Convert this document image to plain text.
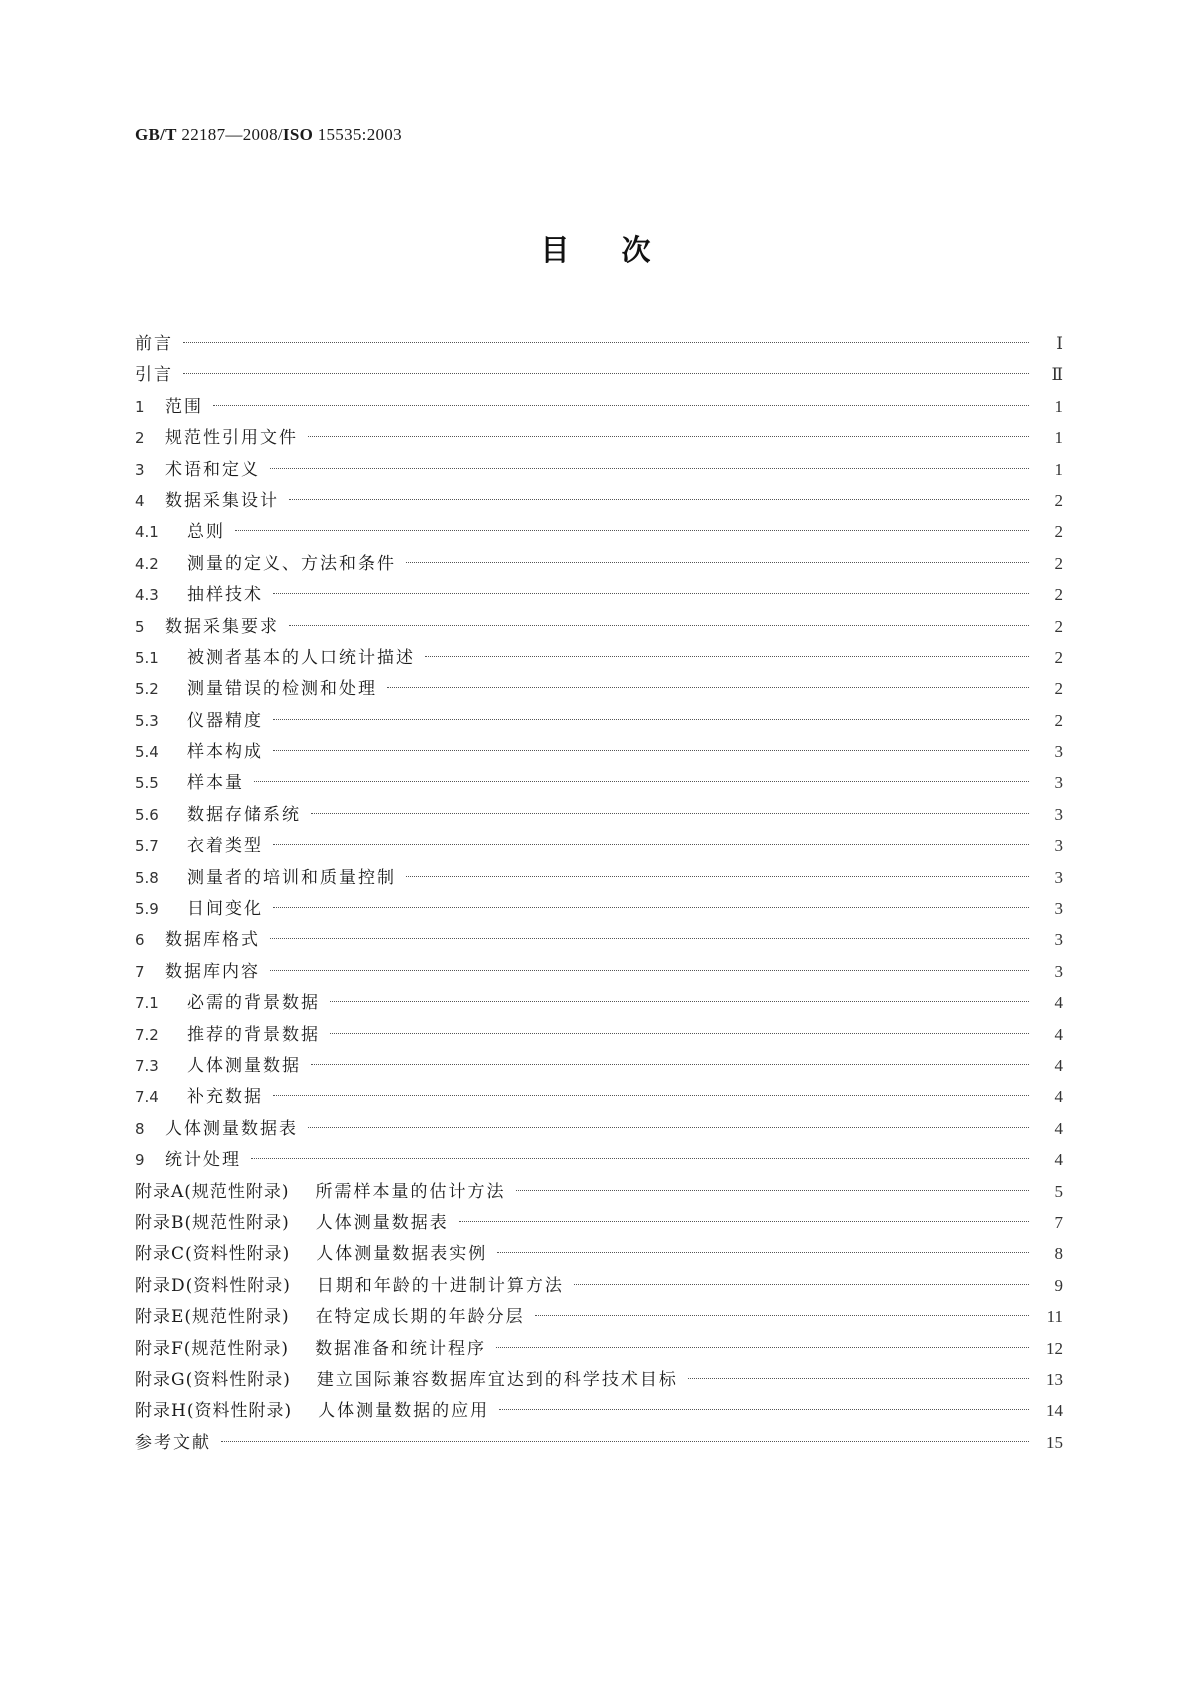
GB/T 22187—2008/ISO 15535:2003
目次
前言	Ⅰ
引言	Ⅱ
1	范围	1
2	规范性引用文件	1
3	术语和定义	1
4	数据采集设计	2
4.1	总则	2
4.2	测量的定义、方法和条件	2
4.3	抽样技术	2
5	数据采集要求	2
5.1	被测者基本的人口统计描述	2
5.2	测量错误的检测和处理	2
5.3	仪器精度	2
5.4	样本构成	3
5.5	样本量	3
5.6	数据存储系统	3
5.7	衣着类型	3
5.8	测量者的培训和质量控制	3
5.9	日间变化	3
6	数据库格式	3
7	数据库内容	3
7.1	必需的背景数据	4
7.2	推荐的背景数据	4
7.3	人体测量数据	4
7.4	补充数据	4
8	人体测量数据表	4
9	统计处理	4
附录A(规范性附录) 所需样本量的估计方法	5
附录B(规范性附录) 人体测量数据表	7
附录C(资料性附录) 人体测量数据表实例	8
附录D(资料性附录) 日期和年龄的十进制计算方法	9
附录E(规范性附录) 在特定成长期的年龄分层	11
附录F(规范性附录) 数据准备和统计程序	12
附录G(资料性附录) 建立国际兼容数据库宜达到的科学技术目标	13
附录H(资料性附录) 人体测量数据的应用	14
参考文献	15
